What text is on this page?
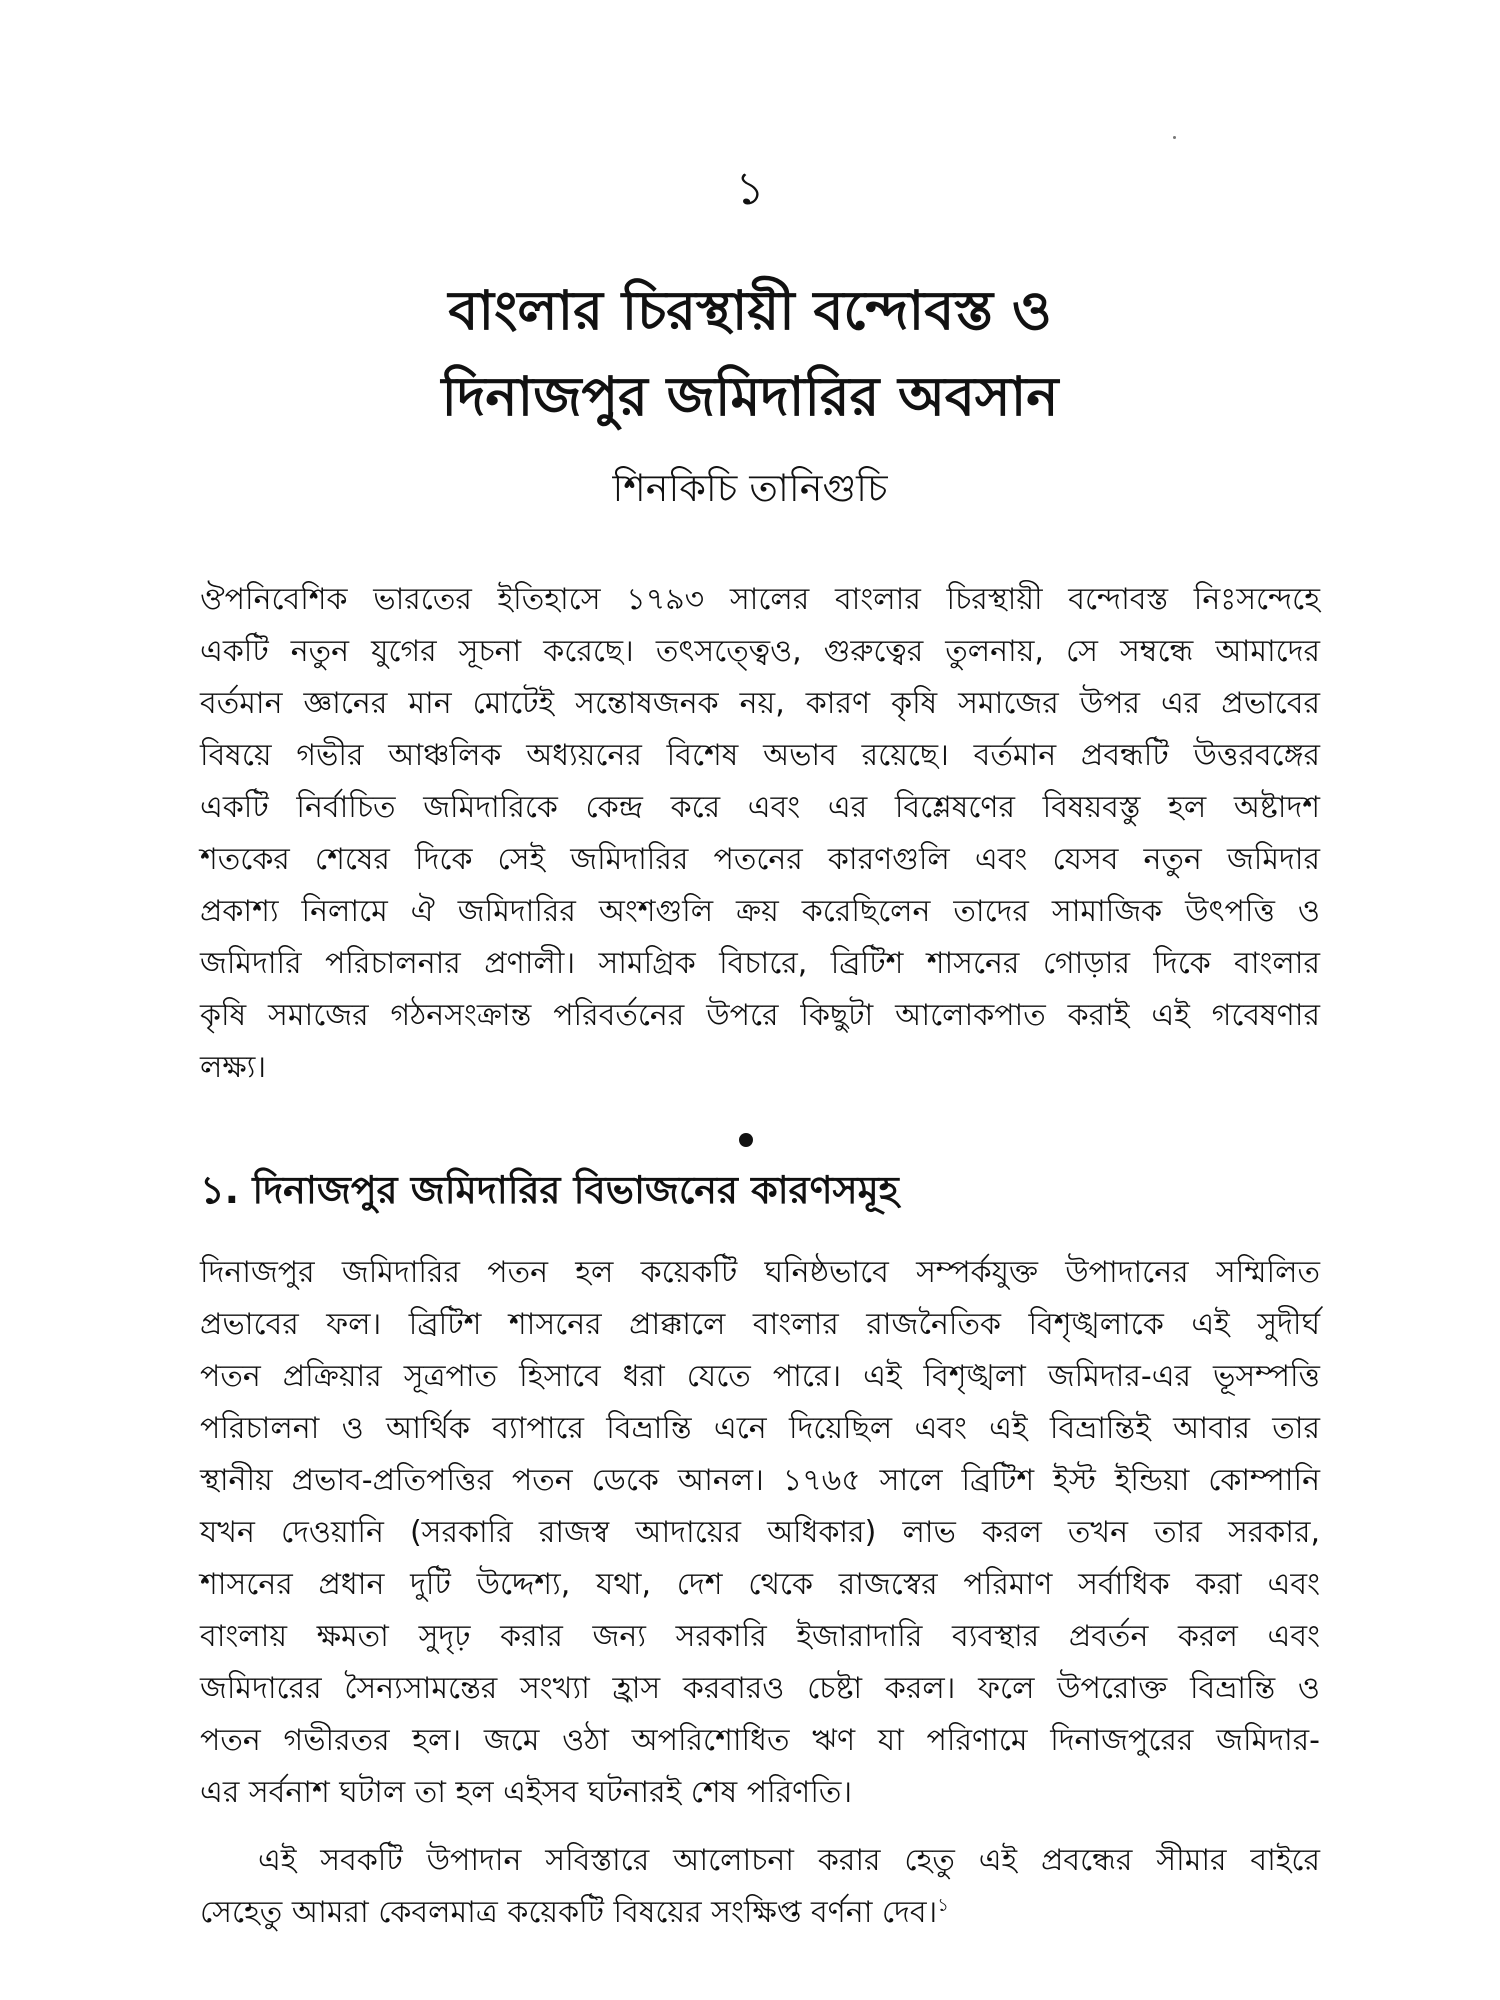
১
বাংলার চিরস্থায়ী বন্দোবস্ত ও
দিনাজপুর জমিদারির অবসান
শিনকিচি তানিগুচি
ঔপনিবেশিক ভারতের ইতিহাসে ১৭৯৩ সালের বাংলার চিরস্থায়ী বন্দোবস্ত নিঃসন্দেহে
একটি নতুন যুগের সূচনা করেছে। তৎসত্ত্বেও, গুরুত্বের তুলনায়, সে সম্বন্ধে আমাদের
বর্তমান জ্ঞানের মান মোটেই সন্তোষজনক নয়, কারণ কৃষি সমাজের উপর এর প্রভাবের
বিষয়ে গভীর আঞ্চলিক অধ্যয়নের বিশেষ অভাব রয়েছে। বর্তমান প্রবন্ধটি উত্তরবঙ্গের
একটি নির্বাচিত জমিদারিকে কেন্দ্র করে এবং এর বিশ্লেষণের বিষয়বস্তু হল অষ্টাদশ
শতকের শেষের দিকে সেই জমিদারির পতনের কারণগুলি এবং যেসব নতুন জমিদার
প্রকাশ্য নিলামে ঐ জমিদারির অংশগুলি ক্রয় করেছিলেন তাদের সামাজিক উৎপত্তি ও
জমিদারি পরিচালনার প্রণালী। সামগ্রিক বিচারে, ব্রিটিশ শাসনের গোড়ার দিকে বাংলার
কৃষি সমাজের গঠনসংক্রান্ত পরিবর্তনের উপরে কিছুটা আলোকপাত করাই এই গবেষণার
লক্ষ্য।
১. দিনাজপুর জমিদারির বিভাজনের কারণসমূহ
দিনাজপুর জমিদারির পতন হল কয়েকটি ঘনিষ্ঠভাবে সম্পর্কযুক্ত উপাদানের সম্মিলিত
প্রভাবের ফল। ব্রিটিশ শাসনের প্রাক্কালে বাংলার রাজনৈতিক বিশৃঙ্খলাকে এই সুদীর্ঘ
পতন প্রক্রিয়ার সূত্রপাত হিসাবে ধরা যেতে পারে। এই বিশৃঙ্খলা জমিদার-এর ভূসম্পত্তি
পরিচালনা ও আর্থিক ব্যাপারে বিভ্রান্তি এনে দিয়েছিল এবং এই বিভ্রান্তিই আবার তার
স্থানীয় প্রভাব-প্রতিপত্তির পতন ডেকে আনল। ১৭৬৫ সালে ব্রিটিশ ইস্ট ইন্ডিয়া কোম্পানি
যখন দেওয়ানি (সরকারি রাজস্ব আদায়ের অধিকার) লাভ করল তখন তার সরকার,
শাসনের প্রধান দুটি উদ্দেশ্য, যথা, দেশ থেকে রাজস্বের পরিমাণ সর্বাধিক করা এবং
বাংলায় ক্ষমতা সুদৃঢ় করার জন্য সরকারি ইজারাদারি ব্যবস্থার প্রবর্তন করল এবং
জমিদারের সৈন্যসামন্তের সংখ্যা হ্রাস করবারও চেষ্টা করল। ফলে উপরোক্ত বিভ্রান্তি ও
পতন গভীরতর হল। জমে ওঠা অপরিশোধিত ঋণ যা পরিণামে দিনাজপুরের জমিদার-
এর সর্বনাশ ঘটাল তা হল এইসব ঘটনারই শেষ পরিণতি।
এই সবকটি উপাদান সবিস্তারে আলোচনা করার হেতু এই প্রবন্ধের সীমার বাইরে
সেহেতু আমরা কেবলমাত্র কয়েকটি বিষয়ের সংক্ষিপ্ত বর্ণনা দেব।$^১$
